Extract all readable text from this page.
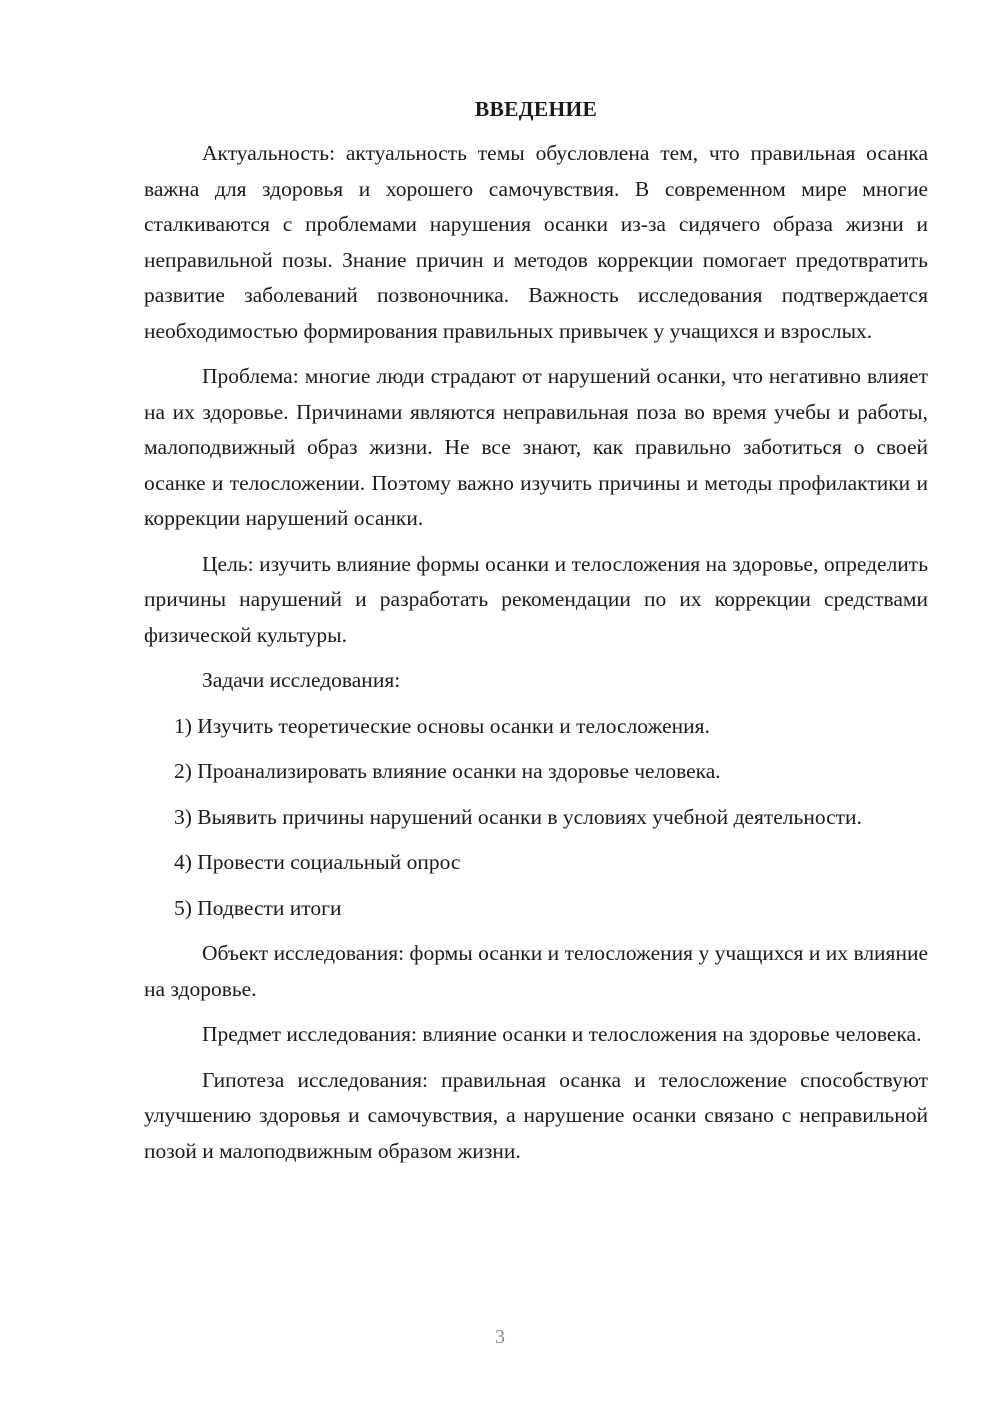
ВВЕДЕНИЕ

Актуальность: актуальность темы обусловлена тем, что правильная осанка важна для здоровья и хорошего самочувствия. В современном мире многие сталкиваются с проблемами нарушения осанки из-за сидячего образа жизни и неправильной позы. Знание причин и методов коррекции помогает предотвратить развитие заболеваний позвоночника. Важность исследования подтверждается необходимостью формирования правильных привычек у учащихся и взрослых.

Проблема: многие люди страдают от нарушений осанки, что негативно влияет на их здоровье. Причинами являются неправильная поза во время учебы и работы, малоподвижный образ жизни. Не все знают, как правильно заботиться о своей осанке и телосложении. Поэтому важно изучить причины и методы профилактики и коррекции нарушений осанки.

Цель: изучить влияние формы осанки и телосложения на здоровье, определить причины нарушений и разработать рекомендации по их коррекции средствами физической культуры.

Задачи исследования:

1) Изучить теоретические основы осанки и телосложения.

2) Проанализировать влияние осанки на здоровье человека.

3) Выявить причины нарушений осанки в условиях учебной деятельности.

4) Провести социальный опрос

5) Подвести итоги

Объект исследования: формы осанки и телосложения у учащихся и их влияние на здоровье.

Предмет исследования: влияние осанки и телосложения на здоровье человека.

Гипотеза исследования: правильная осанка и телосложение способствуют улучшению здоровья и самочувствия, а нарушение осанки связано с неправильной позой и малоподвижным образом жизни.

3
